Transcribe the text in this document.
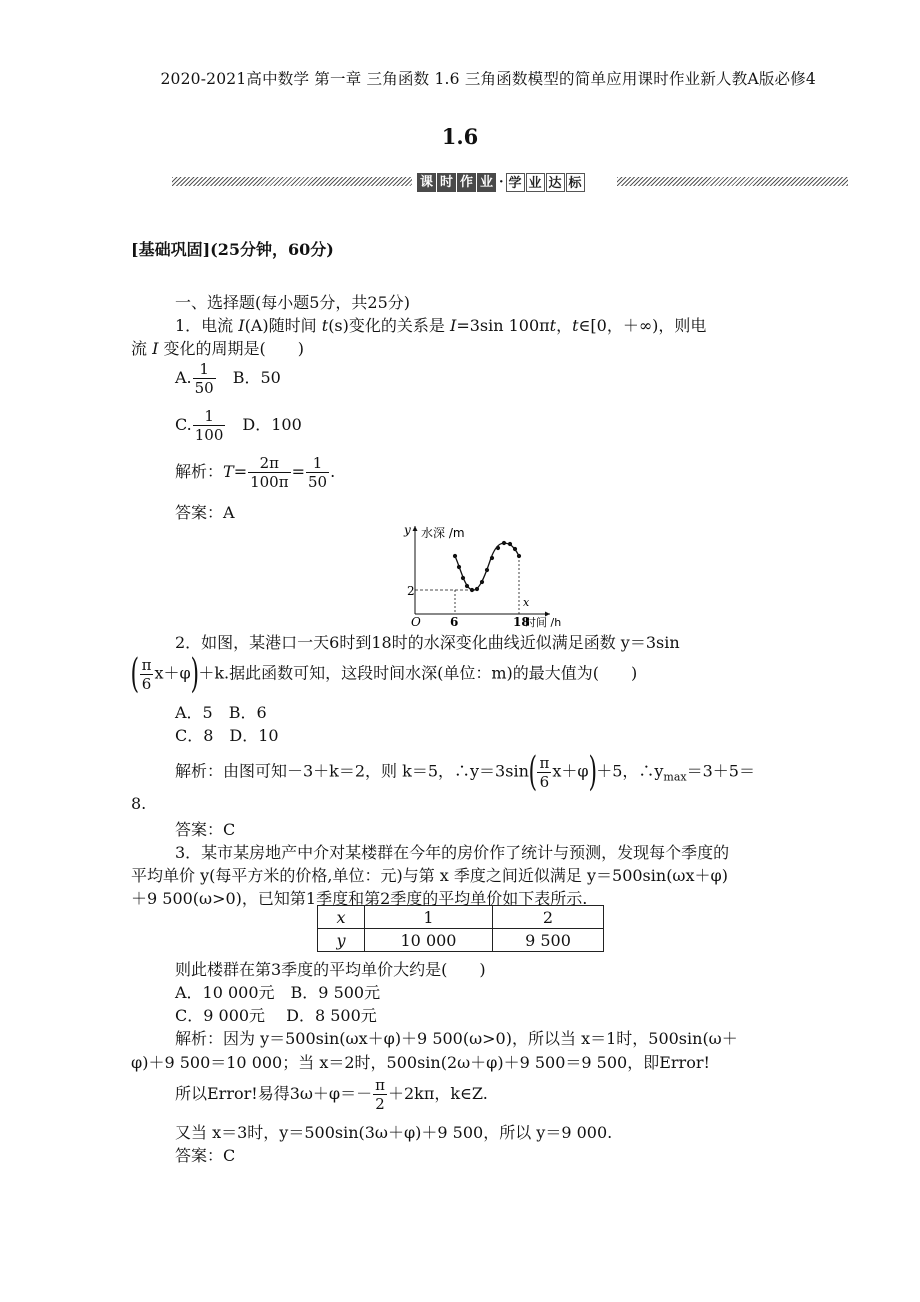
2020-2021高中数学 第一章 三角函数 1.6 三角函数模型的简单应用课时作业新人教A版必修4
1.6
课 时 作 业 · 学 业 达 标
[基础巩固](25分钟，60分)
一、选择题(每小题5分，共25分)
1．电流 I(A)随时间 t(s)变化的关系是 I=3sin 100πt，t∈[0，＋∞)，则电
流 I 变化的周期是(　　)
A. $\frac{1}{50}$ 　B．50
C. $\frac{1}{100}$ 　D．100
解析：$T= \frac{2\pi}{100\pi} = \frac{1}{50}$ .
答案：A
y 水深 /m
O
x
2
6	18
时间 /h
2．如图，某港口一天6时到18时的水深变化曲线近似满足函数 y＝3sin
( $\frac{\pi}{6} x+\varphi)+k$.据此函数可知，这段时间水深(单位：m)的最大值为(　　)
A．5　B．6
C．8　D．10
解析：由图可知－3＋k＝2，则 k＝5，∴y＝3sin( $\frac{\pi}{6} x+\varphi)+5$，$\therefore y_{max}=3+5=$
8.
答案：C
3．某市某房地产中介对某楼群在今年的房价作了统计与预测，发现每个季度的
平均单价 y(每平方米的价格,单位：元)与第 x 季度之间近似满足 y＝500sin(ωx＋φ)
＋9 500(ω>0)，已知第1季度和第2季度的平均单价如下表所示.
x	1	2
y	10 000	9 500
则此楼群在第3季度的平均单价大约是(　　)
A．10 000元　B．9 500元
C．9 000元　 D．8 500元
解析：因为 y＝500sin(ωx＋φ)＋9 500(ω>0)，所以当 x＝1时，500sin(ω＋
φ)＋9 500＝10 000；当 x＝2时，500sin(2ω＋φ)＋9 500＝9 500，即Error!
所以Error!易得$3\omega+\varphi=- \frac{\pi}{2} +2k\pi$，k∈Z.
又当 x＝3时，y＝500sin(3ω＋φ)＋9 500，所以 y＝9 000.
答案：C
